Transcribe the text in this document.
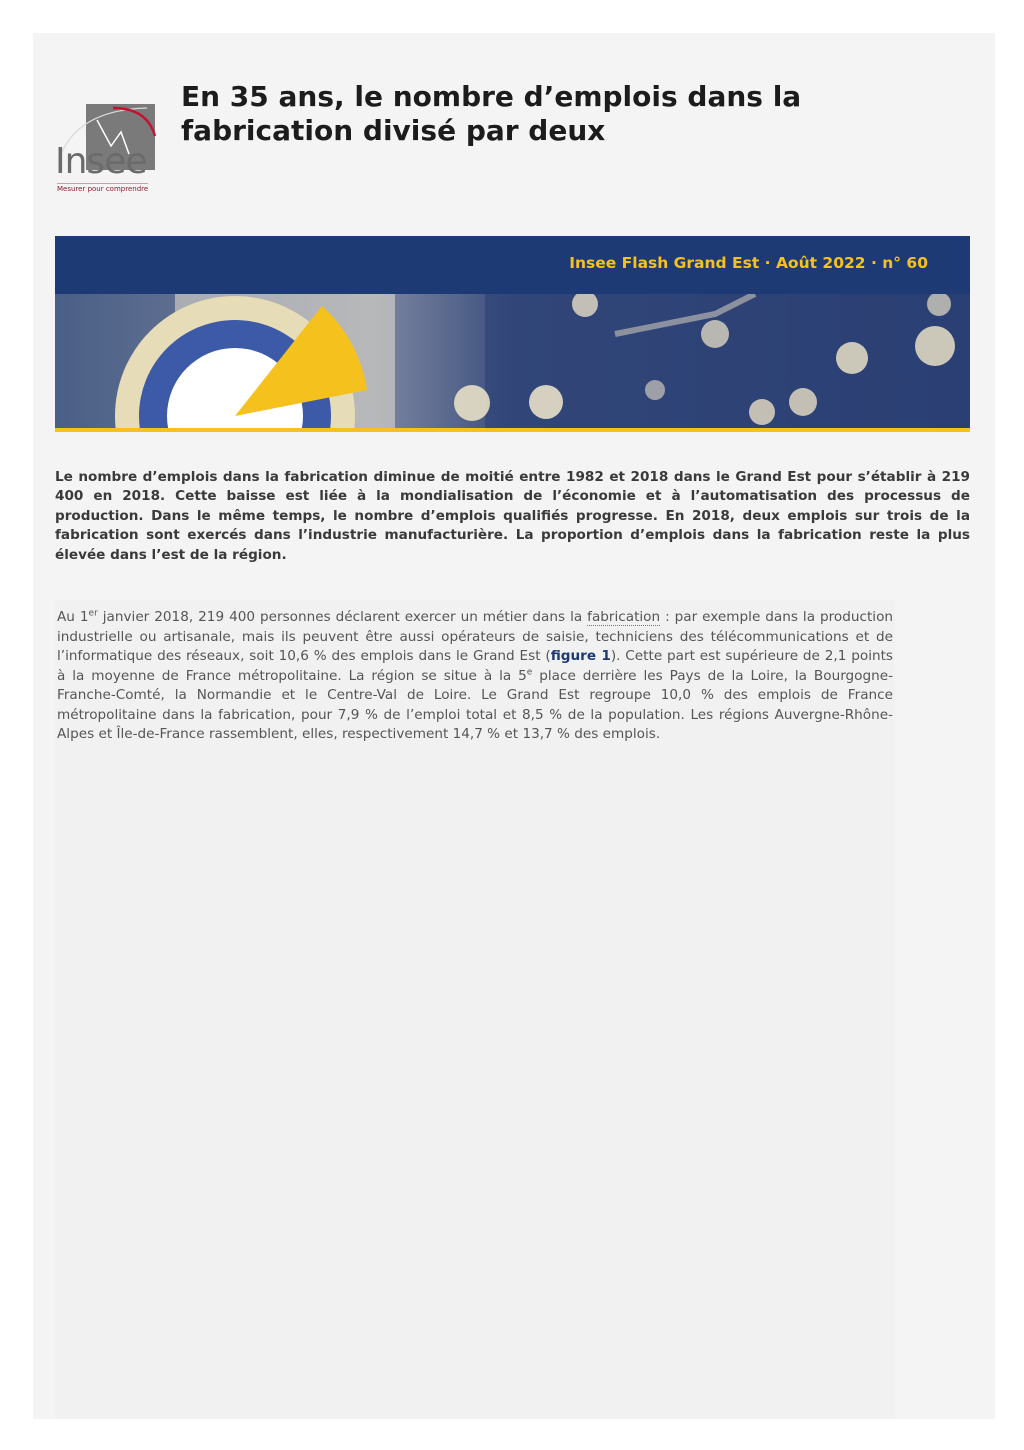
Insee
Mesurer pour comprendre
En 35 ans, le nombre d’emplois dans la fabrication divisé par deux
Insee Flash Grand Est · Août 2022 · n° 60

Le nombre d’emplois dans la fabrication diminue de moitié entre 1982 et 2018 dans le Grand Est pour s’établir à 219 400 en 2018. Cette baisse est liée à la mondialisation de l’économie et à l’automatisation des processus de production. Dans le même temps, le nombre d’emplois qualifiés progresse. En 2018, deux emplois sur trois de la fabrication sont exercés dans l’industrie manufacturière. La proportion d’emplois dans la fabrication reste la plus élevée dans l’est de la région.

Au 1er janvier 2018, 219 400 personnes déclarent exercer un métier dans la fabrication : par exemple dans la production industrielle ou artisanale, mais ils peuvent être aussi opérateurs de saisie, techniciens des télécommunications et de l’informatique des réseaux, soit 10,6 % des emplois dans le Grand Est (figure 1). Cette part est supérieure de 2,1 points à la moyenne de France métropolitaine. La région se situe à la 5e place derrière les Pays de la Loire, la Bourgogne-Franche-Comté, la Normandie et le Centre-Val de Loire. Le Grand Est regroupe 10,0 % des emplois de France métropolitaine dans la fabrication, pour 7,9 % de l’emploi total et 8,5 % de la population. Les régions Auvergne-Rhône-Alpes et Île-de-France rassemblent, elles, respectivement 14,7 % et 13,7 % des emplois.
